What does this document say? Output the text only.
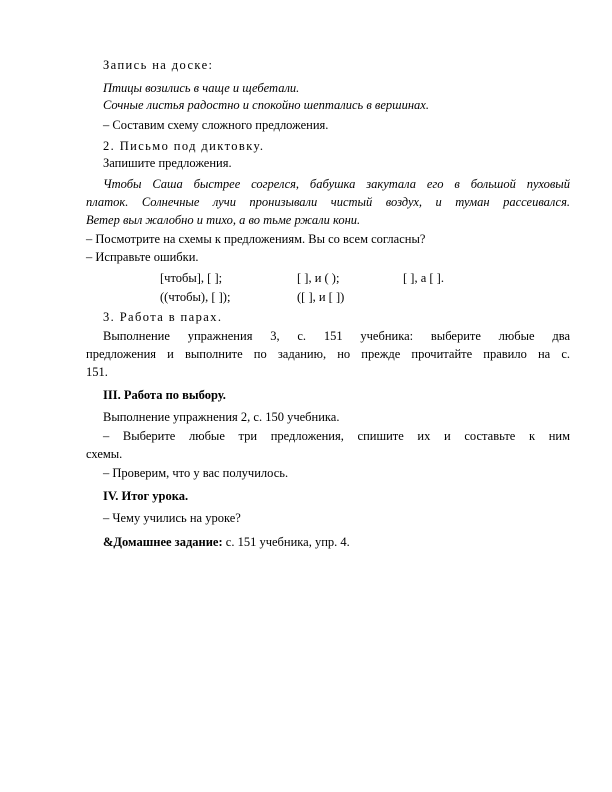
Запись на доске:
Птицы возились в чаще и щебетали.
Сочные листья радостно и спокойно шептались в вершинах.
– Составим схему сложного предложения.
2. Письмо под диктовку.
Запишите предложения.
Чтобы Саша быстрее согрелся, бабушка закутала его в большой пуховый
платок. Солнечные лучи пронизывали чистый воздух, и туман рассеивался.
Ветер выл жалобно и тихо, а во тьме ржали кони.
– Посмотрите на схемы к предложениям. Вы со всем согласны?
– Исправьте ошибки.
[чтобы], [ ];	[ ], и ( );	[ ], а [ ].
((чтобы), [ ]);	([ ], и [ ])
3. Работа в парах.
Выполнение упражнения 3, с. 151 учебника: выберите любые два
предложения и выполните по заданию, но прежде прочитайте правило на с.
151.
III. Работа по выбору.
Выполнение упражнения 2, с. 150 учебника.
– Выберите любые три предложения, спишите их и составьте к ним
схемы.
– Проверим, что у вас получилось.
IV. Итог урока.
– Чему учились на уроке?
&Домашнее задание: с. 151 учебника, упр. 4.
